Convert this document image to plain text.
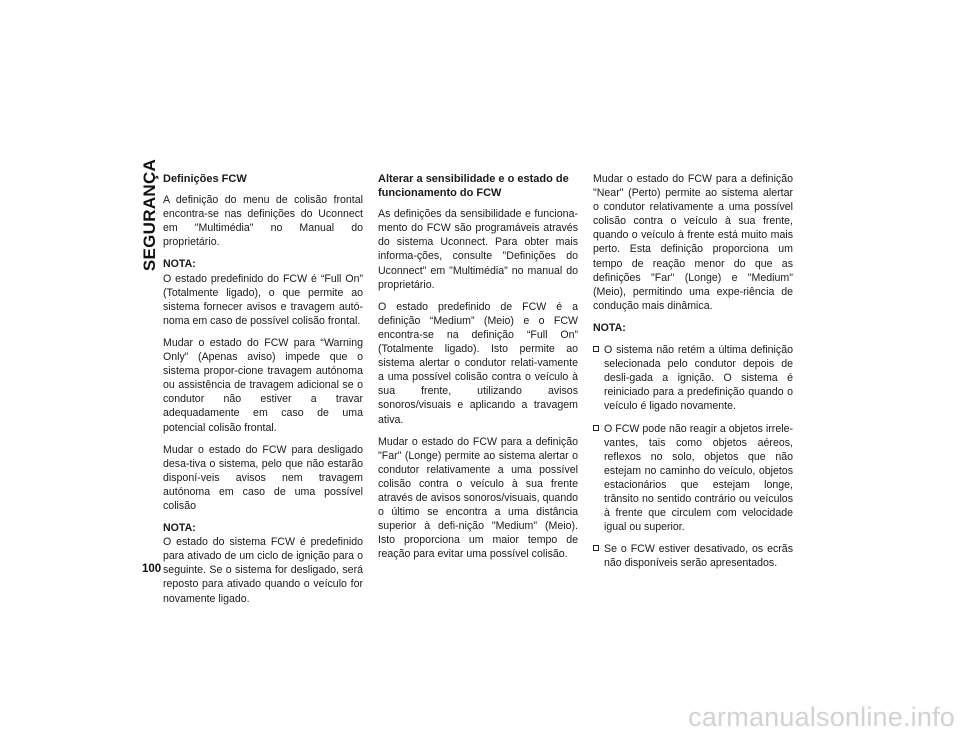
SEGURANÇA
100
Definições FCW

A definição do menu de colisão frontal encontra-se nas definições do Uconnect em "Multimédia" no Manual do proprietário.

NOTA:
O estado predefinido do FCW é “Full On” (Totalmente ligado), o que permite ao sistema fornecer avisos e travagem autó-noma em caso de possível colisão frontal.

Mudar o estado do FCW para “Warning Only” (Apenas aviso) impede que o sistema propor-cione travagem autónoma ou assistência de travagem adicional se o condutor não estiver a travar adequadamente em caso de uma potencial colisão frontal.

Mudar o estado do FCW para desligado desa-tiva o sistema, pelo que não estarão disponí-veis avisos nem travagem autónoma em caso de uma possível colisão

NOTA:
O estado do sistema FCW é predefinido para ativado de um ciclo de ignição para o seguinte. Se o sistema for desligado, será reposto para ativado quando o veículo for novamente ligado.

Alterar a sensibilidade e o estado de funcionamento do FCW

As definições da sensibilidade e funciona-mento do FCW são programáveis através do sistema Uconnect. Para obter mais informa-ções, consulte "Definições do Uconnect" em "Multimédia" no manual do proprietário.

O estado predefinido de FCW é a definição “Medium” (Meio) e o FCW encontra-se na definição “Full On” (Totalmente ligado). Isto permite ao sistema alertar o condutor relati-vamente a uma possível colisão contra o veículo à sua frente, utilizando avisos sonoros/visuais e aplicando a travagem ativa.

Mudar o estado do FCW para a definição "Far" (Longe) permite ao sistema alertar o condutor relativamente a uma possível colisão contra o veículo à sua frente através de avisos sonoros/visuais, quando o último se encontra a uma distância superior à defi-nição "Medium" (Meio). Isto proporciona um maior tempo de reação para evitar uma possível colisão.

Mudar o estado do FCW para a definição "Near" (Perto) permite ao sistema alertar o condutor relativamente a uma possível colisão contra o veículo à sua frente, quando o veículo à frente está muito mais perto. Esta definição proporciona um tempo de reação menor do que as definições "Far" (Longe) e "Medium" (Meio), permitindo uma expe-riência de condução mais dinâmica.

NOTA:

O sistema não retém a última definição selecionada pelo condutor depois de desli-gada a ignição. O sistema é reiniciado para a predefinição quando o veículo é ligado novamente.
O FCW pode não reagir a objetos irrele-vantes, tais como objetos aéreos, reflexos no solo, objetos que não estejam no caminho do veículo, objetos estacionários que estejam longe, trânsito no sentido contrário ou veículos à frente que circulem com velocidade igual ou superior.
Se o FCW estiver desativado, os ecrãs não disponíveis serão apresentados.
carmanualsonline.info
